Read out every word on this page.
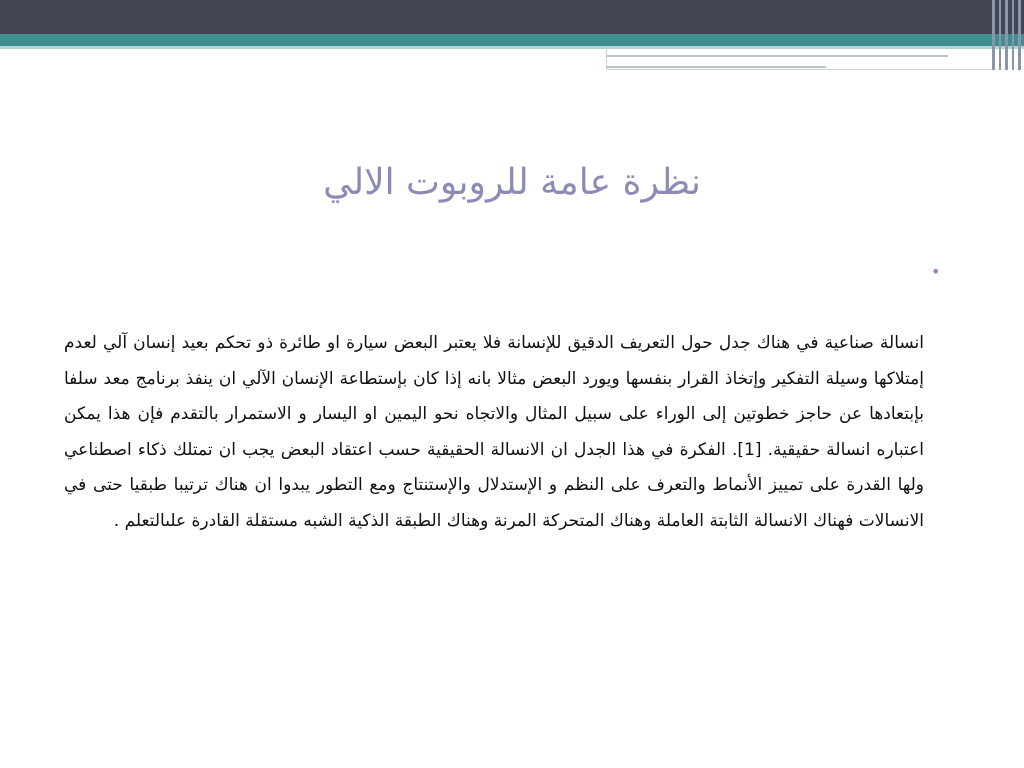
نظرة عامة للروبوت الالي
•

انسالة صناعية في هناك جدل حول التعريف الدقيق للإنسانة فلا يعتبر البعض سيارة او طائرة ذو تحكم بعيد إنسان آلي لعدم إمتلاكها وسيلة التفكير وإتخاذ القرار بنفسها ويورد البعض مثالا بانه إذا كان بإستطاعة الإنسان الآلي ان ينفذ برنامج معد سلفا بإبتعادها عن حاجز خطوتين إلى الوراء على سبيل المثال والاتجاه نحو اليمين او اليسار و الاستمرار بالتقدم فإن هذا يمكن اعتباره انسالة حقيقية. [1]. الفكرة في هذا الجدل ان الانسالة الحقيقية حسب اعتقاد البعض يجب ان تمتلك ذكاء اصطناعي ولها القدرة على تمييز الأنماط والتعرف على النظم و الإستدلال والإستنتاج ومع التطور يبدوا ان هناك ترتيبا طبقيا حتى في الانسالات فهناك الانسالة الثابتة العاملة وهناك المتحركة المرنة وهناك الطبقة الذكية الشبه مستقلة القادرة علىالتعلم .
